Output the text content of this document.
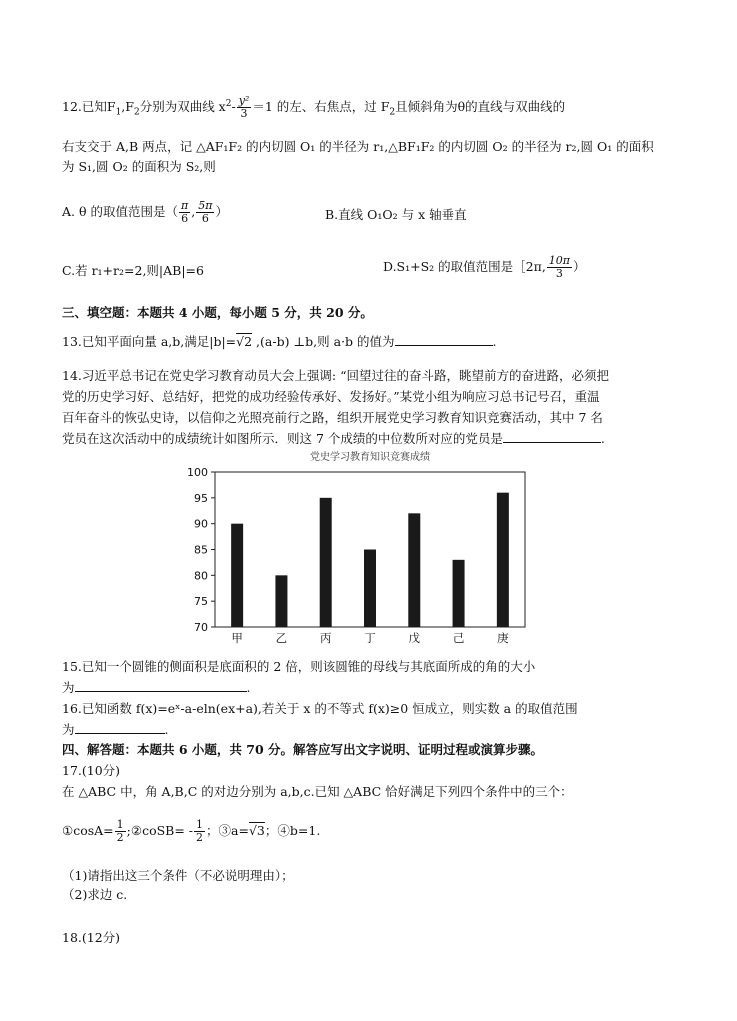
12.已知$F_1,F_2$分别为双曲线 $x^2- \frac{\text{y²}}{3} =1$ 的左、右焦点，过 $F_2$且倾斜角为θ的直线与双曲线的
右支交于 A,B 两点，记 △AF₁F₂ 的内切圆 O₁ 的半径为 r₁,△BF₁F₂ 的内切圆 O₂ 的半径为 r₂,圆 O₁ 的面积
为 S₁,圆 O₂ 的面积为 S₂,则
A. θ 的取值范围是（ $\frac{\pi}{6}$ , $\frac{5\pi}{6}$ ）	B.直线 O₁O₂ 与 x 轴垂直
C.若 r₁+r₂=2,则|AB|=6	D.S₁+S₂ 的取值范围是［2π, $\frac{10\pi}{3}$ ）
三、填空题：本题共 4 小题，每小题 5 分，共 20 分。
13.已知平面向量 a,b,满足|b|=√2 ,(a-b) ⊥b,则 a·b 的值为	.
14.习近平总书记在党史学习教育动员大会上强调: “回望过往的奋斗路，眺望前方的奋进路，必须把
党的历史学习好、总结好，把党的成功经验传承好、发扬好。”某党小组为响应习总书记号召，重温
百年奋斗的恢弘史诗，以信仰之光照亮前行之路，组织开展党史学习教育知识竞赛活动，其中 7 名
党员在这次活动中的成绩统计如图所示．则这 7 个成绩的中位数所对应的党员是	.
党史学习教育知识竞赛成绩
70
75
80
85
90
95
100
甲	乙	丙	丁	戊	己	庚
15.已知一个圆锥的侧面积是底面积的 2 倍，则该圆锥的母线与其底面所成的角的大小
为	.
16.已知函数 f(x)=eˣ-a-eln(ex+a),若关于 x 的不等式 f(x)≥0 恒成立，则实数 a 的取值范围
为	.
四、解答题：本题共 6 小题，共 70 分。解答应写出文字说明、证明过程或演算步骤。
17.(10分)
在 △ABC 中，角 A,B,C 的对边分别为 a,b,c.已知 △ABC 恰好满足下列四个条件中的三个：
①cosA= $\frac{1}{2}$ ;②coSB= - $\frac{1}{2}$ ；③a=√3；④b=1.
（1)请指出这三个条件（不必说明理由）；
（2)求边 c.
18.(12分)
